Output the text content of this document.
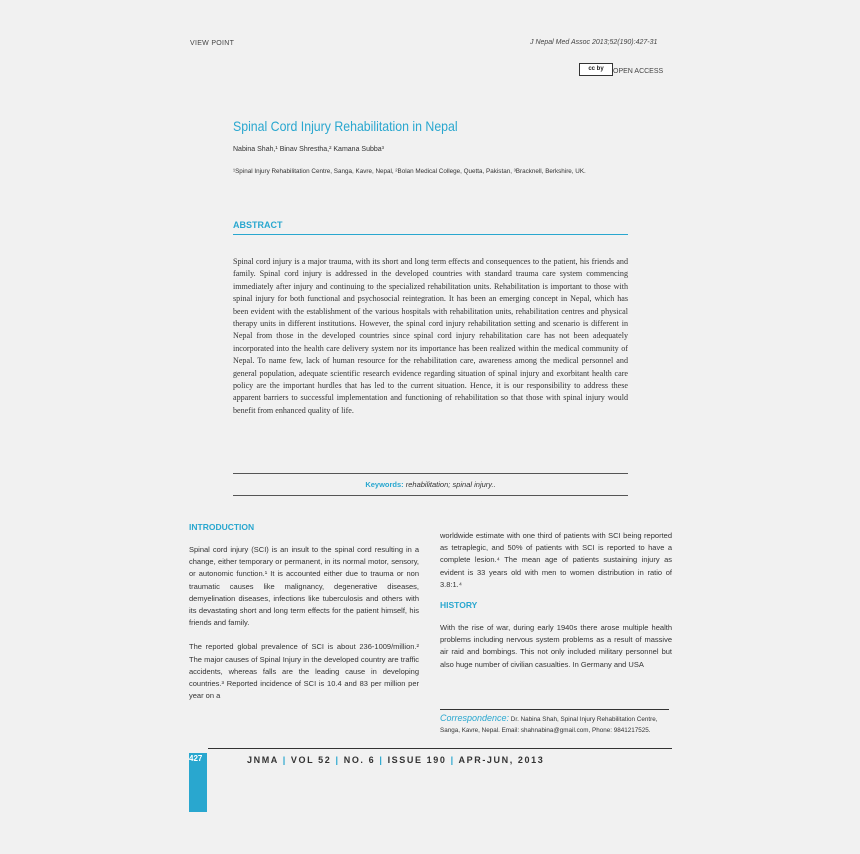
VIEW POINT	J Nepal Med Assoc 2013;52(190):427-31
cc by	OPEN ACCESS
Spinal Cord Injury Rehabilitation in Nepal
Nabina Shah,¹ Binav Shrestha,² Kamana Subba³
¹Spinal Injury Rehabilitation Centre, Sanga, Kavre, Nepal, ²Bolan Medical College, Quetta, Pakistan, ³Bracknell, Berkshire, UK.
ABSTRACT
Spinal cord injury is a major trauma, with its short and long term effects and consequences to the patient, his friends and family. Spinal cord injury is addressed in the developed countries with standard trauma care system commencing immediately after injury and continuing to the specialized rehabilitation units. Rehabilitation is important to those with spinal injury for both functional and psychosocial reintegration. It has been an emerging concept in Nepal, which has been evident with the establishment of the various hospitals with rehabilitation units, rehabilitation centres and physical therapy units in different institutions. However, the spinal cord injury rehabilitation setting and scenario is different in Nepal from those in the developed countries since spinal cord injury rehabilitation care has not been adequately incorporated into the health care delivery system nor its importance has been realized within the medical community of Nepal. To name few, lack of human resource for the rehabilitation care, awareness among the medical personnel and general population, adequate scientific research evidence regarding situation of spinal injury and exorbitant health care policy are the important hurdles that has led to the current situation. Hence, it is our responsibility to address these apparent barriers to successful implementation and functioning of rehabilitation so that those with spinal injury would benefit from enhanced quality of life.
Keywords: rehabilitation; spinal injury..
INTRODUCTION

Spinal cord injury (SCI) is an insult to the spinal cord resulting in a change, either temporary or permanent, in its normal motor, sensory, or autonomic function.¹ It is accounted either due to trauma or non traumatic causes like malignancy, degenerative diseases, demyelination diseases, infections like tuberculosis and others with its devastating short and long term effects for the patient himself, his friends and family.

The reported global prevalence of SCI is about 236-1009/million.² The major causes of Spinal Injury in the developed country are traffic accidents, whereas falls are the leading cause in developing countries.³ Reported incidence of SCI is 10.4 and 83 per million per year on a

worldwide estimate with one third of patients with SCI being reported as tetraplegic, and 50% of patients with SCI is reported to have a complete lesion.⁴ The mean age of patients sustaining injury as evident is 33 years old with men to women distribution in ratio of 3.8:1.⁴
HISTORY
With the rise of war, during early 1940s there arose multiple health problems including nervous system problems as a result of massive air raid and bombings. This not only included military personnel but also huge number of civilian casualties. In Germany and USA
Correspondence: Dr. Nabina Shah, Spinal Injury Rehabilitation Centre, Sanga, Kavre, Nepal. Email: shahnabina@gmail.com, Phone: 9841217525.
427	JNMA | VOL 52 | NO. 6 | ISSUE 190 | APR-JUN, 2013
